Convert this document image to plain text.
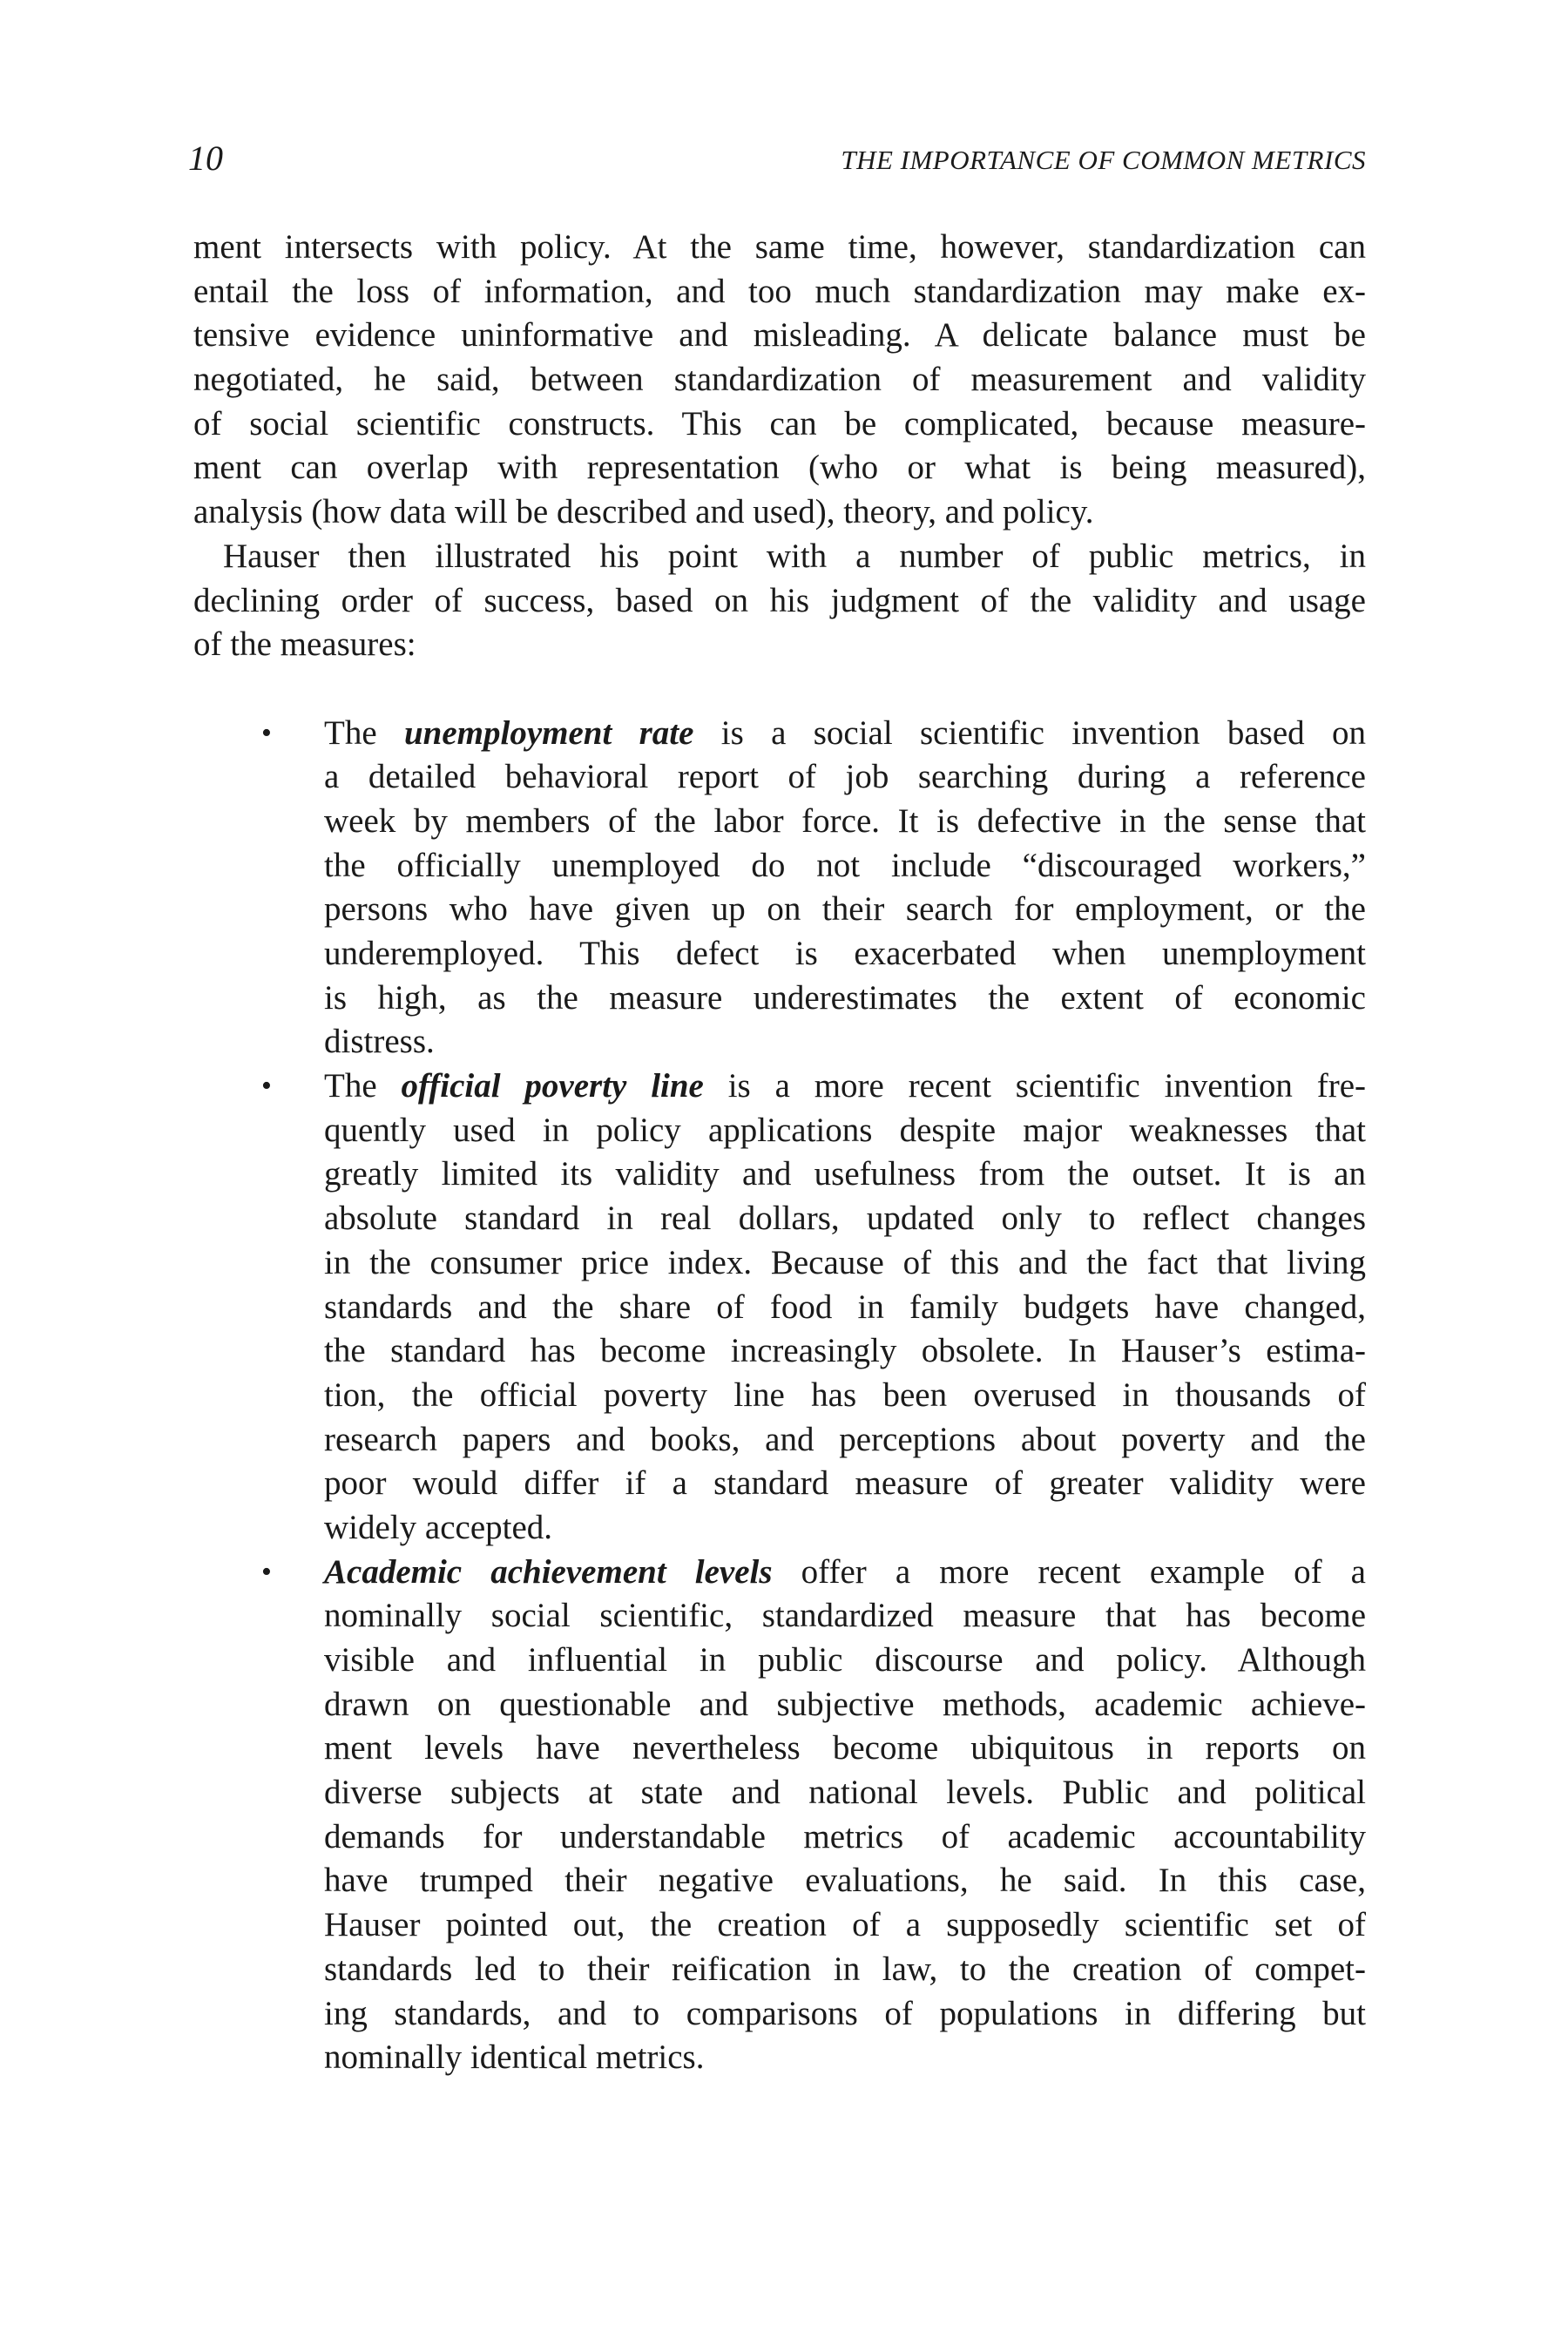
10	THE IMPORTANCE OF COMMON METRICS
ment intersects with policy. At the same time, however, standardization can
entail the loss of information, and too much standardization may make ex-
tensive evidence uninformative and misleading. A delicate balance must be
negotiated, he said, between standardization of measurement and validity
of social scientific constructs. This can be complicated, because measure-
ment can overlap with representation (who or what is being measured),
analysis (how data will be described and used), theory, and policy.
Hauser then illustrated his point with a number of public metrics, in
declining order of success, based on his judgment of the validity and usage
of the measures:
• The unemployment rate is a social scientific invention based on
a detailed behavioral report of job searching during a reference
week by members of the labor force. It is defective in the sense that
the officially unemployed do not include “discouraged workers,”
persons who have given up on their search for employment, or the
underemployed. This defect is exacerbated when unemployment
is high, as the measure underestimates the extent of economic
distress.
• The official poverty line is a more recent scientific invention fre-
quently used in policy applications despite major weaknesses that
greatly limited its validity and usefulness from the outset. It is an
absolute standard in real dollars, updated only to reflect changes
in the consumer price index. Because of this and the fact that living
standards and the share of food in family budgets have changed,
the standard has become increasingly obsolete. In Hauser’s estima-
tion, the official poverty line has been overused in thousands of
research papers and books, and perceptions about poverty and the
poor would differ if a standard measure of greater validity were
widely accepted.
• Academic achievement levels offer a more recent example of a
nominally social scientific, standardized measure that has become
visible and influential in public discourse and policy. Although
drawn on questionable and subjective methods, academic achieve-
ment levels have nevertheless become ubiquitous in reports on
diverse subjects at state and national levels. Public and political
demands for understandable metrics of academic accountability
have trumped their negative evaluations, he said. In this case,
Hauser pointed out, the creation of a supposedly scientific set of
standards led to their reification in law, to the creation of compet-
ing standards, and to comparisons of populations in differing but
nominally identical metrics.
